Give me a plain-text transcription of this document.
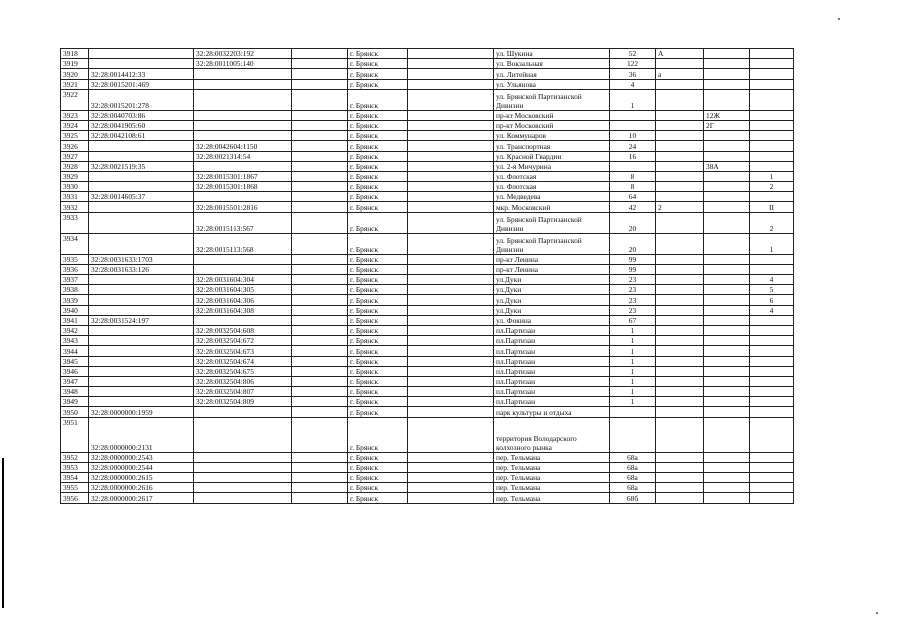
3918		32:28:0032203:192		г. Брянск		ул. Шукина	52	А		
3919		32:28:0011005:140		г. Брянск		ул. Вокзальная	122			
3920	32:28:0014412:33			г. Брянск		ул. Литейная	36	а		
3921	32:28:0015201:469			г. Брянск		ул. Ульянова	4			
3922	32:28:0015201:278			г. Брянск		ул. Брянской Партизанской Дивизии	1			
3923	32:28:0040703:86			г. Брянск		пр-кт Московский			12Ж	
3924	32:28:0041905:60			г. Брянск		пр-кт Московский			2Г	
3925	32:28:0042108:61			г. Брянск		ул. Коммунаров	10			
3926		32:28:0042604:1150		г. Брянск		ул. Транспортная	24			
3927		32:28:0021314:54		г. Брянск		ул. Красной Гвардии	16			
3928	32:28:0021519:35			г. Брянск		ул. 2-я Мичурина			38А	
3929		32:28:0015301:1867		г. Брянск		ул. Флотская	8			1
3930		32:28:0015301:1868		г. Брянск		ул. Флотская	8			2
3931	32:28:0014605:37			г. Брянск		ул. Медведева	64			
3932		32:28:0015501:2816		г. Брянск		мкр. Московский	42	2		II
3933		32:28:0015113:567		г. Брянск		ул. Брянской Партизанской Дивизии	20			2
3934		32:28:0015113:568		г. Брянск		ул. Брянской Партизанской Дивизии	20			1
3935	32:28:0031633:1703			г. Брянск		пр-кт Ленина	99			
3936	32:28:0031633:126			г. Брянск		пр-кт Ленина	99			
3937		32:28:0031604:304		г. Брянск		ул.Дуки	23			4
3938		32:28:0031604:305		г. Брянск		ул.Дуки	23			5
3939		32:28:0031604:306		г. Брянск		ул.Дуки	23			6
3940		32:28:0031604:308		г. Брянск		ул.Дуки	23			4
3941	32:28:0031524:197			г. Брянск		ул. Фокина	67			
3942		32:28:0032504:608		г. Брянск		пл.Партизан	1			
3943		32:28:0032504:672		г. Брянск		пл.Партизан	1			
3944		32:28:0032504:673		г. Брянск		пл.Партизан	1			
3945		32:28:0032504:674		г. Брянск		пл.Партизан	1			
3946		32:28:0032504:675		г. Брянск		пл.Партизан	1			
3947		32:28:0032504:806		г. Брянск		пл.Партизан	1			
3948		32:28:0032504:807		г. Брянск		пл.Партизан	1			
3949		32:28:0032504:809		г. Брянск		пл.Партизан	1			
3950	32:28:0000000:1959			г. Брянск		парк культуры и отдыха				
3951	32:28:0000000:2131			г. Брянск		территория Володарского колхозного рынка				
3952	32:28:0000000:2543			г. Брянск		пер. Тельмана	68а			
3953	32:28:0000000:2544			г. Брянск		пер. Тельмана	68а			
3954	32:28:0000000:2615			г. Брянск		пер. Тельмана	68а			
3955	32:28:0000000:2616			г. Брянск		пер. Тельмана	68а			
3956	32:28:0000000:2617			г. Брянск		пер. Тельмана	68б			
